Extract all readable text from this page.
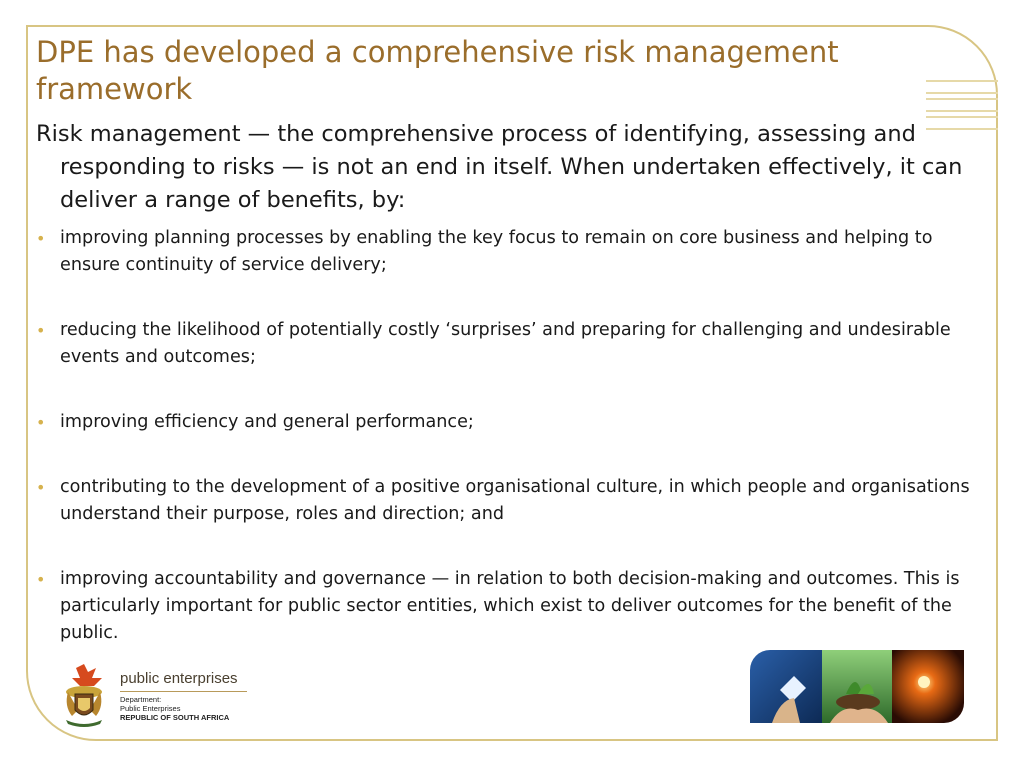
DPE has developed a comprehensive risk management framework

Risk management — the comprehensive process of identifying, assessing and responding to risks — is not an end in itself. When undertaken effectively, it can deliver a range of benefits, by:

• improving planning processes by enabling the key focus to remain on core business and helping to ensure continuity of service delivery;
• reducing the likelihood of potentially costly ‘surprises’ and preparing for challenging and undesirable events and outcomes;
• improving efficiency and general performance;
• contributing to the development of a positive organisational culture, in which people and organisations understand their purpose, roles and direction; and
• improving accountability and governance — in relation to both decision-making and outcomes. This is particularly important for public sector entities, which exist to deliver outcomes for the benefit of the public.
public enterprises
Department:
Public Enterprises
REPUBLIC OF SOUTH AFRICA
